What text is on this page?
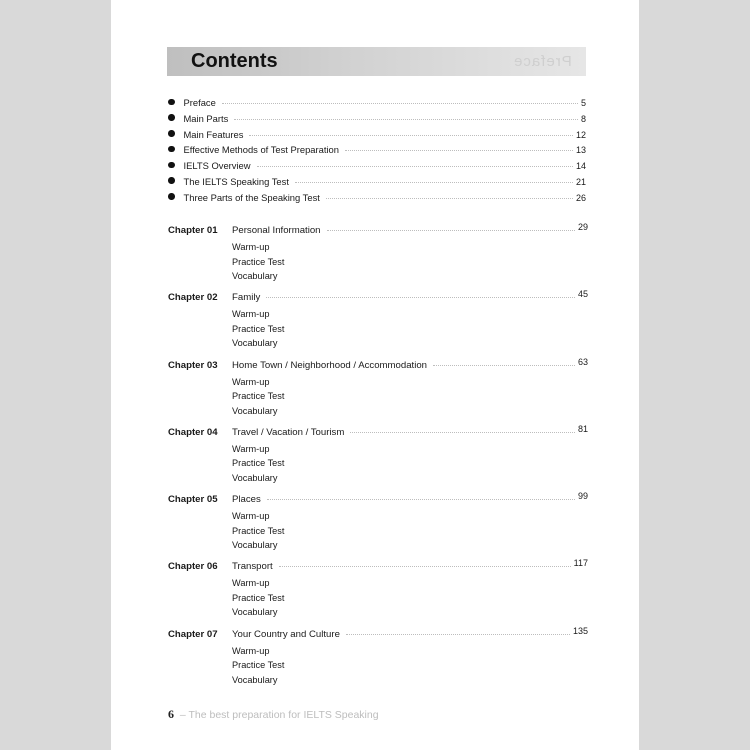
Contents	Preface
Preface	5
Main Parts	8
Main Features	12
Effective Methods of Test Preparation	13
IELTS Overview	14
The IELTS Speaking Test	21
Three Parts of the Speaking Test	26
Chapter 01	Personal Information	29
Warm-up
Practice Test
Vocabulary
Chapter 02	Family	45
Warm-up
Practice Test
Vocabulary
Chapter 03	Home Town / Neighborhood / Accommodation	63
Warm-up
Practice Test
Vocabulary
Chapter 04	Travel / Vacation / Tourism	81
Warm-up
Practice Test
Vocabulary
Chapter 05	Places	99
Warm-up
Practice Test
Vocabulary
Chapter 06	Transport	117
Warm-up
Practice Test
Vocabulary
Chapter 07	Your Country and Culture	135
Warm-up
Practice Test
Vocabulary
6 – The best preparation for IELTS Speaking
